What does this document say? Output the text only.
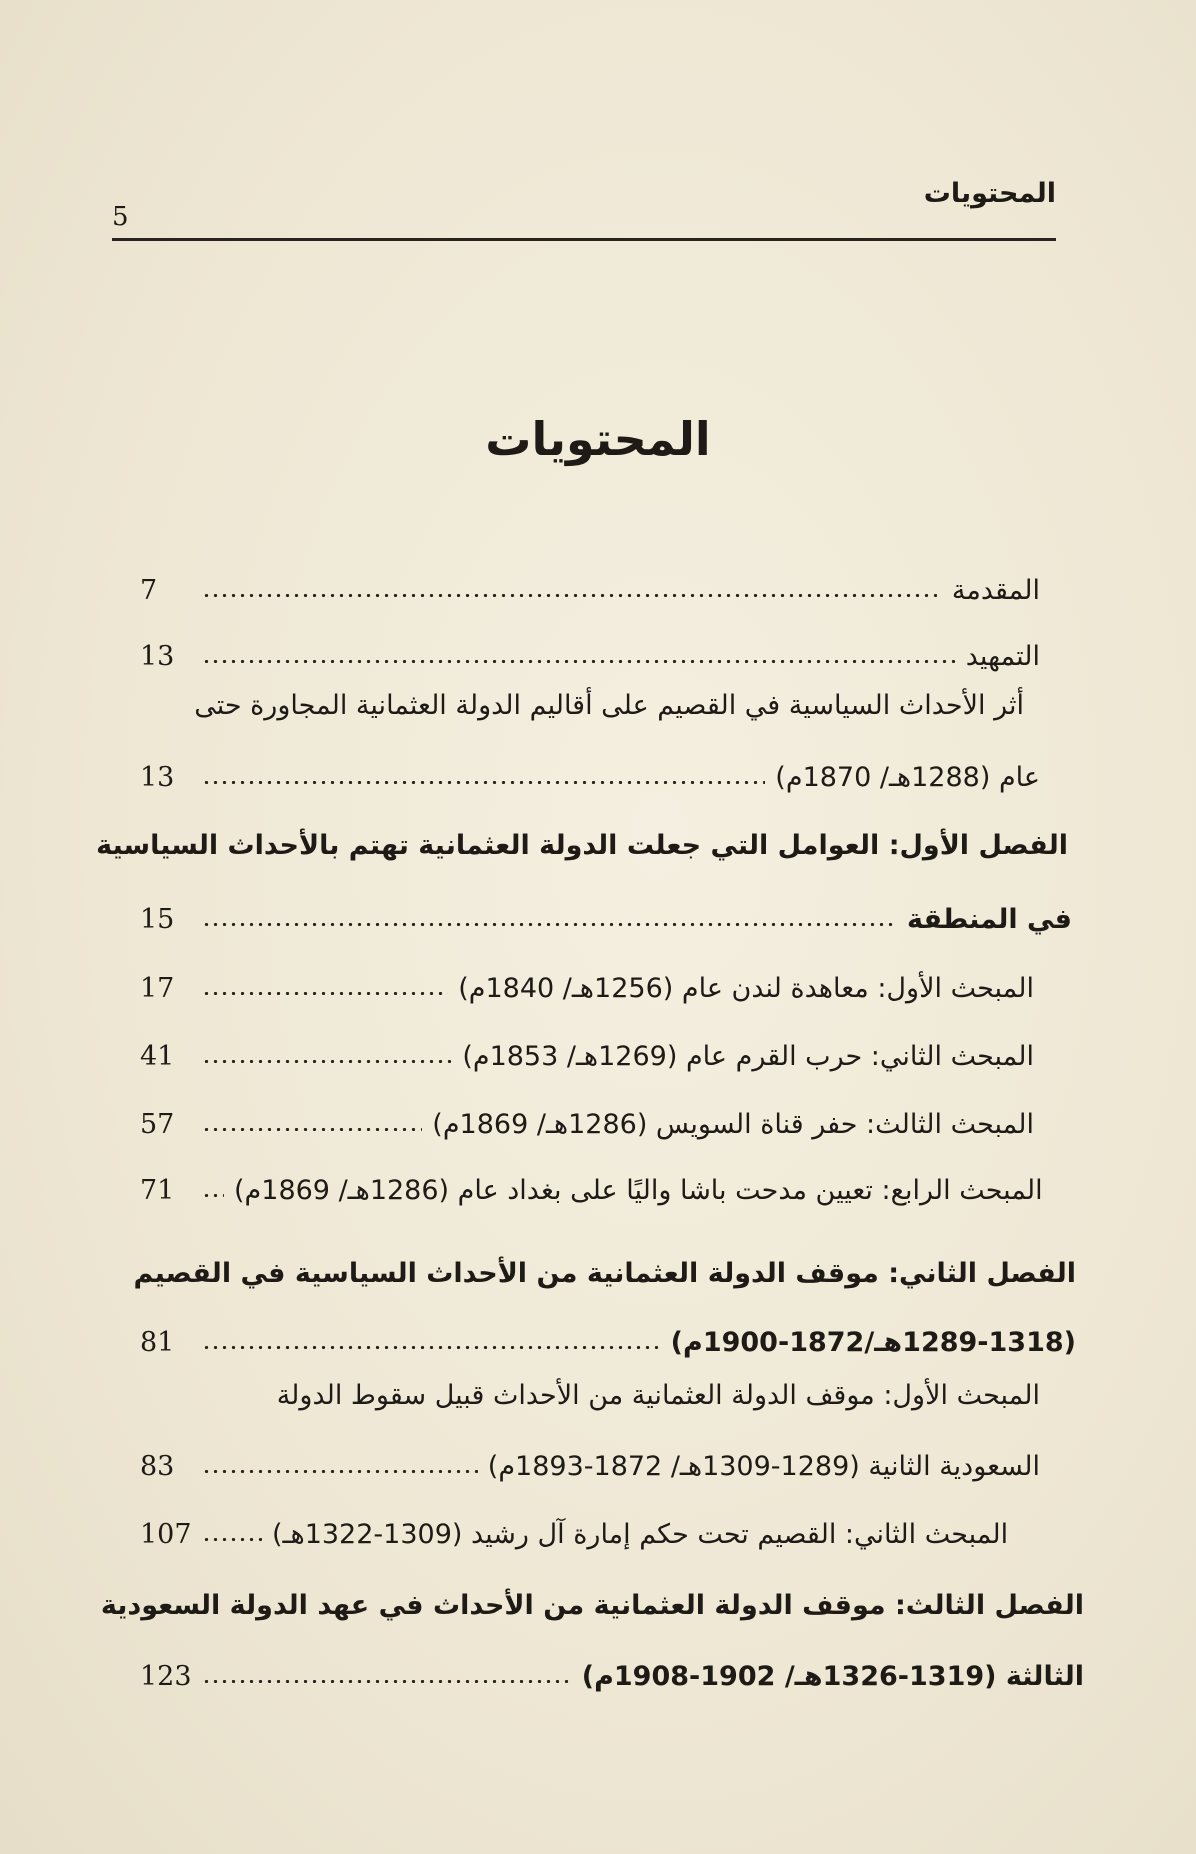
المحتويات
5
المحتويات
7	المقدمة
13	التمهيد
أثر الأحداث السياسية في القصيم على أقاليم الدولة العثمانية المجاورة حتى
13	عام (1288هـ/ 1870م)
الفصل الأول: العوامل التي جعلت الدولة العثمانية تهتم بالأحداث السياسية
15	في المنطقة
17	المبحث الأول: معاهدة لندن عام (1256هـ/ 1840م)
41	المبحث الثاني: حرب القرم عام (1269هـ/ 1853م)
57	المبحث الثالث: حفر قناة السويس (1286هـ/ 1869م)
71	المبحث الرابع: تعيين مدحت باشا واليًا على بغداد عام (1286هـ/ 1869م)
الفصل الثاني: موقف الدولة العثمانية من الأحداث السياسية في القصيم
81	(1289-1318هـ/1872-1900م)
المبحث الأول: موقف الدولة العثمانية من الأحداث قبيل سقوط الدولة
83	السعودية الثانية (1289-1309هـ/ 1872-1893م)
107	المبحث الثاني: القصيم تحت حكم إمارة آل رشيد (1309-1322هـ)
الفصل الثالث: موقف الدولة العثمانية من الأحداث في عهد الدولة السعودية
123	الثالثة (1319-1326هـ/ 1902-1908م)
